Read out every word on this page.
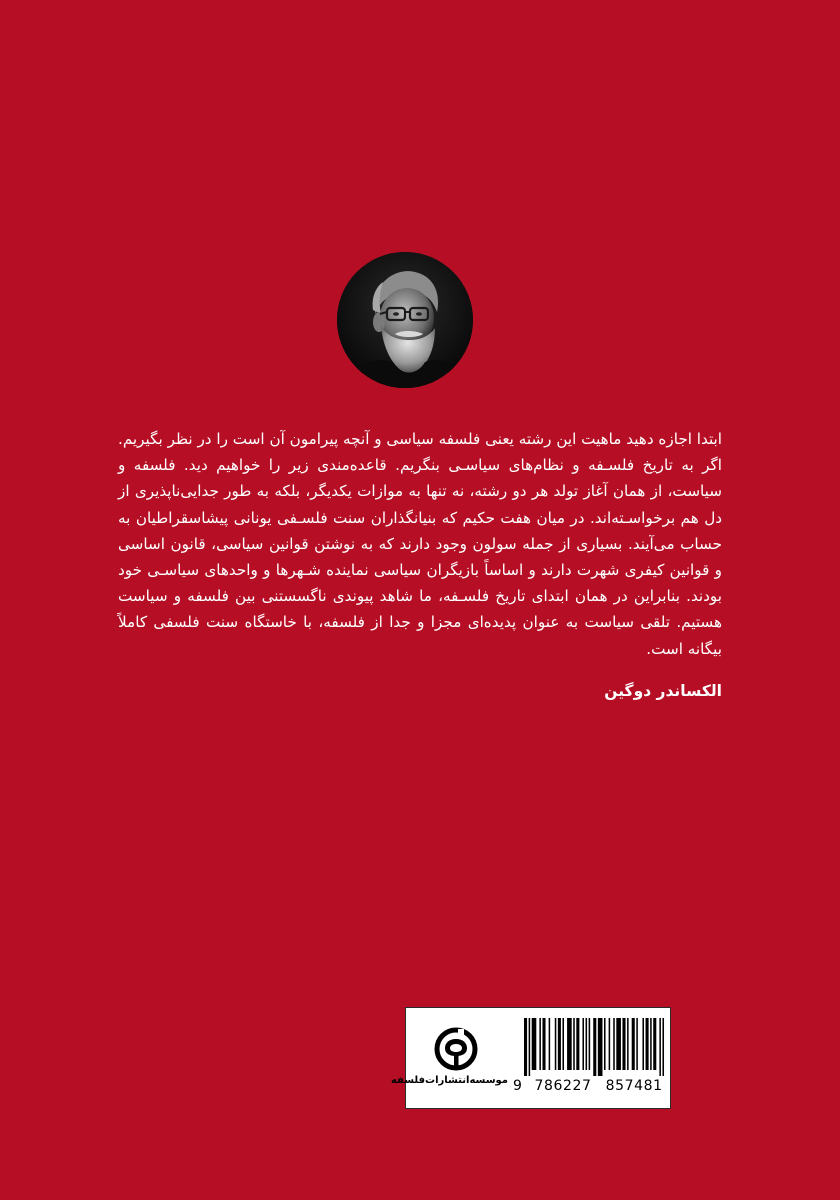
ابتدا اجازه دهید ماهیت این رشته یعنی فلسفه سیاسی و آنچه پیرامون آن است را در نظر بگیریم. اگر به تاریخ فلسـفه و نظام‌های سیاسـی بنگریم. قاعده‌مندی زیر را خواهیم دید. فلسفه و سیاست، از همان آغاز تولد هر دو رشته، نه تنها به موازات یکدیگر، بلکه به طور جدایی‌ناپذیری از دل هم برخواسـته‌اند. در میان هفت حکیم که بنیانگذاران سنت فلسـفی یونانی پیشاسقراطیان به حساب می‌آیند. بسیاری از جمله سولون وجود دارند که به نوشتن قوانین سیاسی، قانون اساسی و قوانین کیفری شهرت دارند و اساساً بازیگران سیاسی نماینده شـهرها و واحدهای سیاسـی خود بودند. بنابراین در همان ابتدای تاریخ فلسـفه، ما شاهد پیوندی ناگسستنی بین فلسفه و سیاست هستیم. تلقی سیاست به عنوان پدیده‌ای مجزا و جدا از فلسفه، با خاستگاه سنت فلسفی کاملاً بیگانه است.

الکساندر دوگین
9 786227 857481
موسسه‌انتشارات‌فلسفه
